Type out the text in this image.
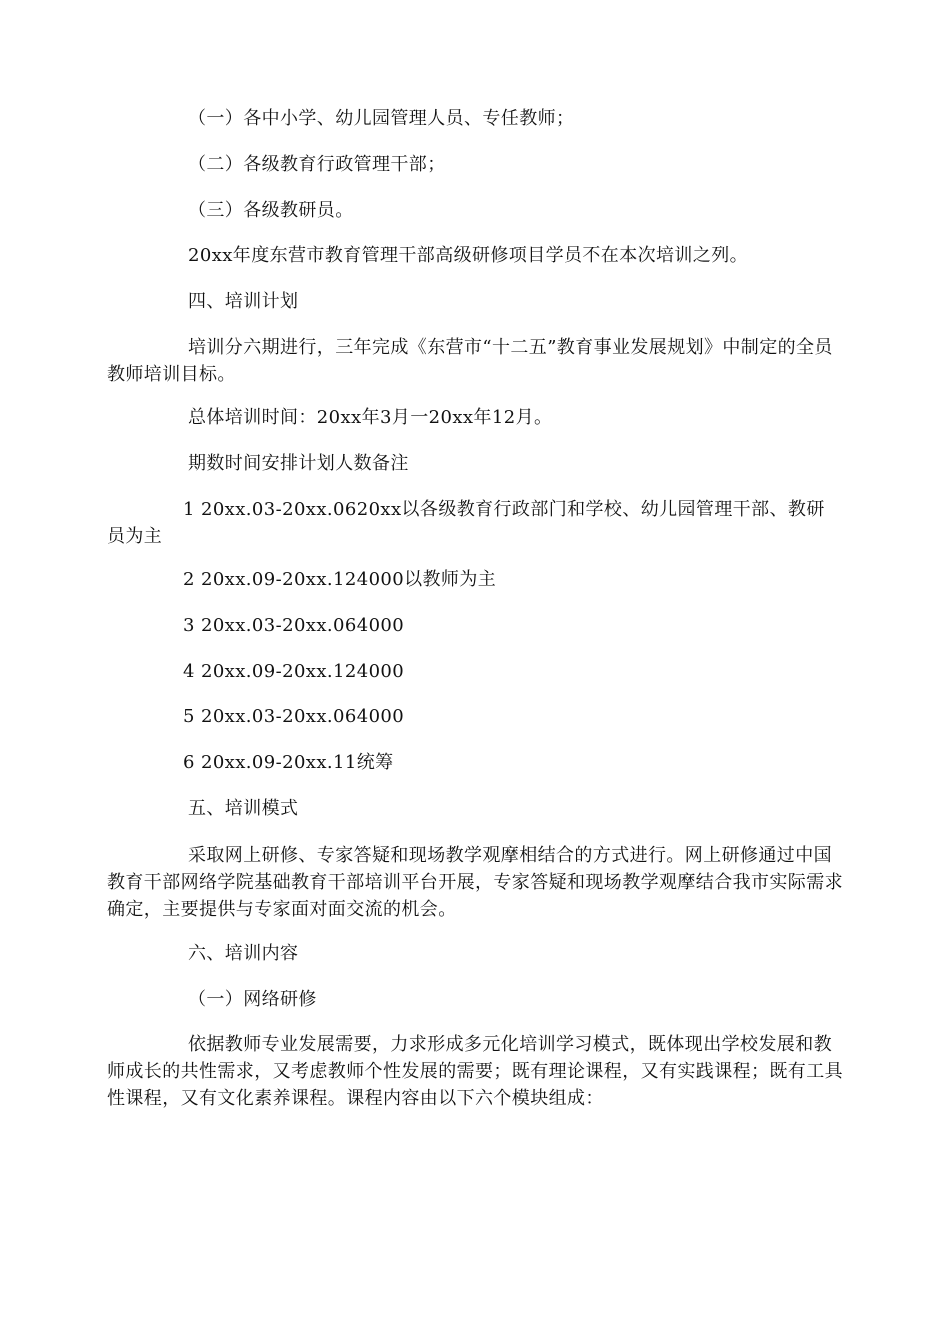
（一）各中小学、幼儿园管理人员、专任教师；

（二）各级教育行政管理干部；

（三）各级教研员。

20xx年度东营市教育管理干部高级研修项目学员不在本次培训之列。

四、培训计划

培训分六期进行，三年完成《东营市“十二五”教育事业发展规划》中制定的全员教师培训目标。

总体培训时间：20xx年3月一20xx年12月。

期数时间安排计划人数备注

1 20xx.03-20xx.0620xx以各级教育行政部门和学校、幼儿园管理干部、教研员为主

2 20xx.09-20xx.124000以教师为主

3 20xx.03-20xx.064000

4 20xx.09-20xx.124000

5 20xx.03-20xx.064000

6 20xx.09-20xx.11统筹

五、培训模式

采取网上研修、专家答疑和现场教学观摩相结合的方式进行。网上研修通过中国教育干部网络学院基础教育干部培训平台开展，专家答疑和现场教学观摩结合我市实际需求确定，主要提供与专家面对面交流的机会。

六、培训内容

（一）网络研修

依据教师专业发展需要，力求形成多元化培训学习模式，既体现出学校发展和教师成长的共性需求，又考虑教师个性发展的需要；既有理论课程，又有实践课程；既有工具性课程，又有文化素养课程。课程内容由以下六个模块组成：
